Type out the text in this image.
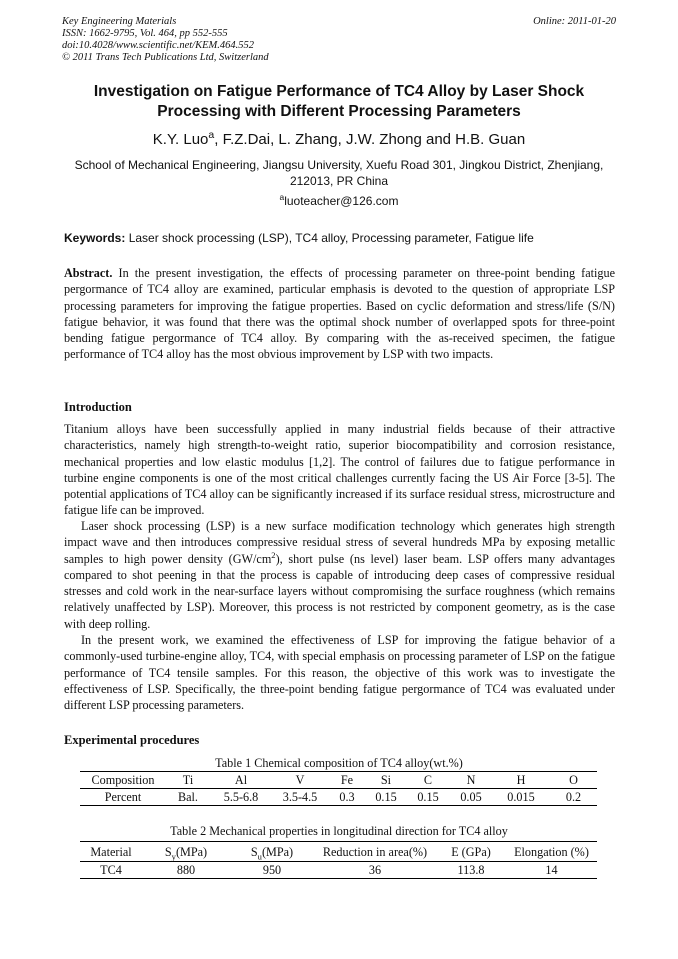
Key Engineering Materials
ISSN: 1662-9795, Vol. 464, pp 552-555
doi:10.4028/www.scientific.net/KEM.464.552
© 2011 Trans Tech Publications Ltd, Switzerland
Online: 2011-01-20
Investigation on Fatigue Performance of TC4 Alloy by Laser Shock Processing with Different Processing Parameters
K.Y. Luo$^a$, F.Z.Dai, L. Zhang, J.W. Zhong and H.B. Guan
School of Mechanical Engineering, Jiangsu University, Xuefu Road 301, Jingkou District, Zhenjiang, 212013, PR China
$^a$luoteacher@126.com
Keywords: Laser shock processing (LSP), TC4 alloy, Processing parameter, Fatigue life
Abstract. In the present investigation, the effects of processing parameter on three-point bending fatigue pergormance of TC4 alloy are examined, particular emphasis is devoted to the question of appropriate LSP processing parameters for improving the fatigue properties. Based on cyclic deformation and stress/life (S/N) fatigue behavior, it was found that there was the optimal shock number of overlapped spots for three-point bending fatigue pergormance of TC4 alloy. By comparing with the as-received specimen, the fatigue performance of TC4 alloy has the most obvious improvement by LSP with two impacts.
Introduction
Titanium alloys have been successfully applied in many industrial fields because of their attractive characteristics, namely high strength-to-weight ratio, superior biocompatibility and corrosion resistance, mechanical properties and low elastic modulus [1,2]. The control of failures due to fatigue performance in turbine engine components is one of the most critical challenges currently facing the US Air Force [3-5]. The potential applications of TC4 alloy can be significantly increased if its surface residual stress, microstructure and fatigue life can be improved.
Laser shock processing (LSP) is a new surface modification technology which generates high strength impact wave and then introduces compressive residual stress of several hundreds MPa by exposing metallic samples to high power density $(GW/cm^2)$, short pulse (ns level) laser beam. LSP offers many advantages compared to shot peening in that the process is capable of introducing deep cases of compressive residual stresses and cold work in the near-surface layers without compromising the surface roughness (which remains relatively unaffected by LSP). Moreover, this process is not restricted by component geometry, as is the case with deep rolling.
In the present work, we examined the effectiveness of LSP for improving the fatigue behavior of a commonly-used turbine-engine alloy, TC4, with special emphasis on processing parameter of LSP on the fatigue performance of TC4 tensile samples. For this reason, the objective of this work was to investigate the effectiveness of LSP. Specifically, the three-point bending fatigue pergormance of TC4 was evaluated under different LSP processing parameters.
Experimental procedures
Table 1 Chemical composition of TC4 alloy(wt.%)
Composition	Ti	Al	V	Fe	Si	C	N	H	O
Percent	Bal.	5.5-6.8	3.5-4.5	0.3	0.15	0.15	0.05	0.015	0.2
Table 2 Mechanical properties in longitudinal direction for TC4 alloy
Material	$S_y(MPa)$	$S_u(MPa)$	Reduction in area(%)	E (GPa)	Elongation (%)
TC4	880	950	36	113.8	14
